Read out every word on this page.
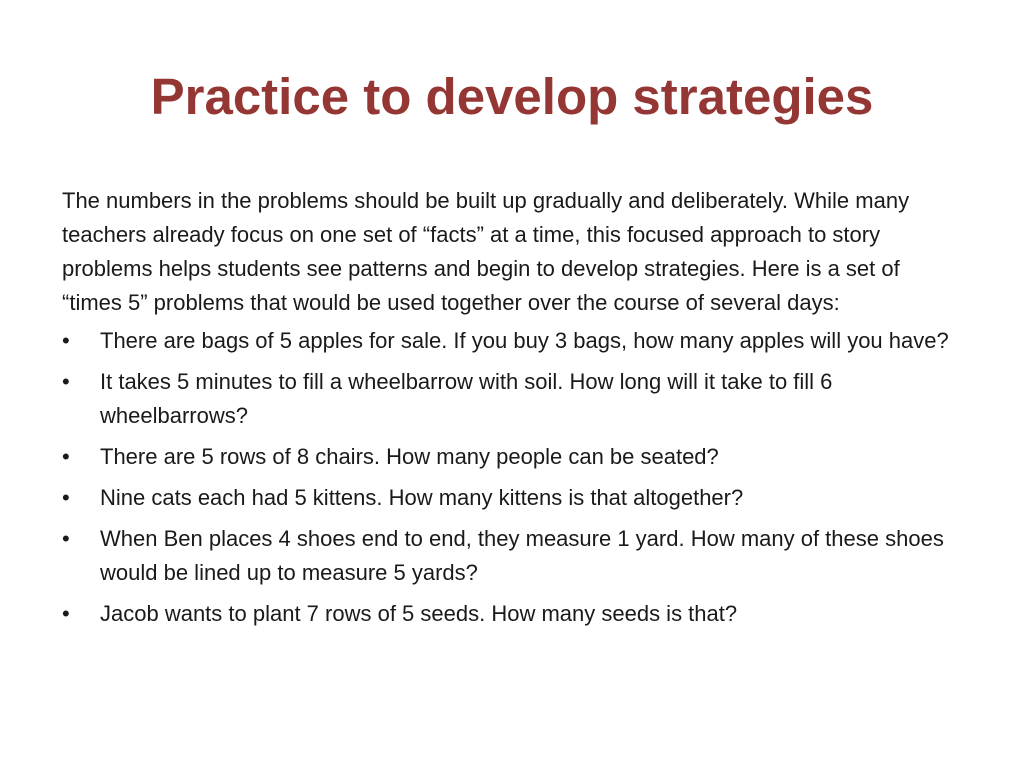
Practice to develop strategies

The numbers in the problems should be built up gradually and deliberately. While many teachers already focus on one set of “facts” at a time, this focused approach to story problems helps students see patterns and begin to develop strategies. Here is a set of “times 5” problems that would be used together over the course of several days:

•	There are bags of 5 apples for sale. If you buy 3 bags, how many apples will you have?
•	It takes 5 minutes to fill a wheelbarrow with soil. How long will it take to fill 6 wheelbarrows?
•	There are 5 rows of 8 chairs. How many people can be seated?
•	Nine cats each had 5 kittens. How many kittens is that altogether?
•	When Ben places 4 shoes end to end, they measure 1 yard. How many of these shoes would be lined up to measure 5 yards?
•	Jacob wants to plant 7 rows of 5 seeds. How many seeds is that?
